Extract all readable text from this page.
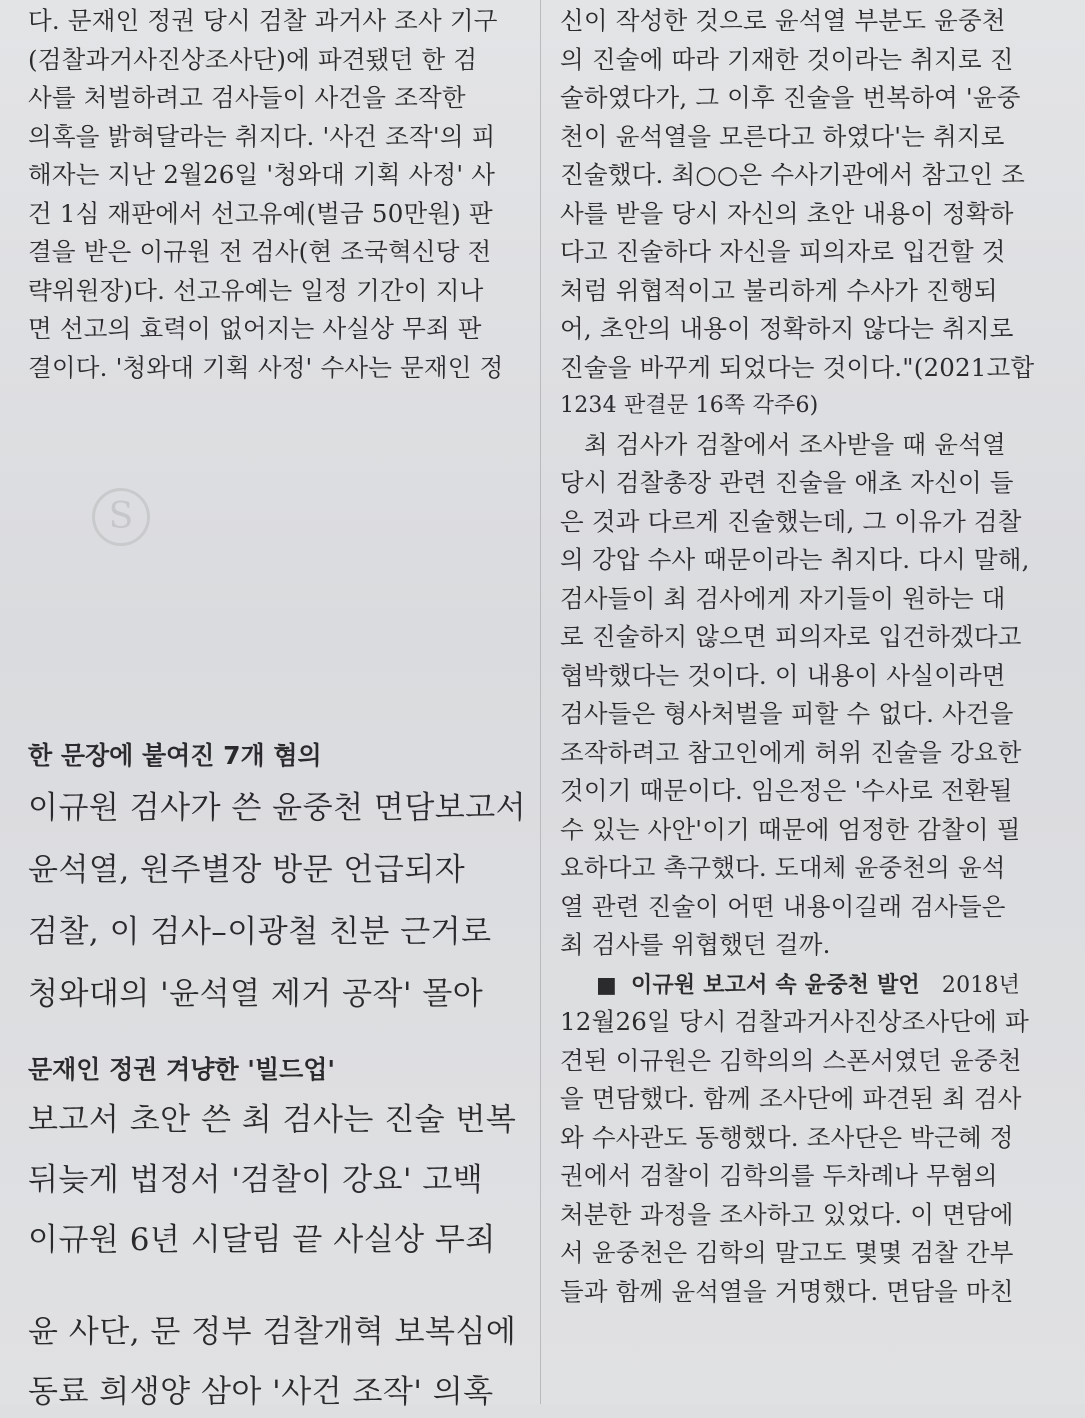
S
다. 문재인 정권 당시 검찰 과거사 조사 기구
(검찰과거사진상조사단)에 파견됐던 한 검
사를 처벌하려고 검사들이 사건을 조작한
의혹을 밝혀달라는 취지다. '사건 조작'의 피
해자는 지난 2월26일 '청와대 기획 사정' 사
건 1심 재판에서 선고유예(벌금 50만원) 판
결을 받은 이규원 전 검사(현 조국혁신당 전
략위원장)다. 선고유예는 일정 기간이 지나
면 선고의 효력이 없어지는 사실상 무죄 판
결이다. '청와대 기획 사정' 수사는 문재인 정
한 문장에 붙여진 7개 혐의
이규원 검사가 쓴 윤중천 면담보고서
윤석열, 원주별장 방문 언급되자
검찰, 이 검사–이광철 친분 근거로
청와대의 '윤석열 제거 공작' 몰아
문재인 정권 겨냥한 '빌드업'
보고서 초안 쓴 최 검사는 진술 번복
뒤늦게 법정서 '검찰이 강요' 고백
이규원 6년 시달림 끝 사실상 무죄
윤 사단, 문 정부 검찰개혁 보복심에
동료 희생양 삼아 '사건 조작' 의혹
신이 작성한 것으로 윤석열 부분도 윤중천
의 진술에 따라 기재한 것이라는 취지로 진
술하였다가, 그 이후 진술을 번복하여 '윤중
천이 윤석열을 모른다고 하였다'는 취지로
진술했다. 최○○은 수사기관에서 참고인 조
사를 받을 당시 자신의 초안 내용이 정확하
다고 진술하다 자신을 피의자로 입건할 것
처럼 위협적이고 불리하게 수사가 진행되
어, 초안의 내용이 정확하지 않다는 취지로
진술을 바꾸게 되었다는 것이다."(2021고합
1234 판결문 16쪽 각주6)
최 검사가 검찰에서 조사받을 때 윤석열
당시 검찰총장 관련 진술을 애초 자신이 들
은 것과 다르게 진술했는데, 그 이유가 검찰
의 강압 수사 때문이라는 취지다. 다시 말해,
검사들이 최 검사에게 자기들이 원하는 대
로 진술하지 않으면 피의자로 입건하겠다고
협박했다는 것이다. 이 내용이 사실이라면
검사들은 형사처벌을 피할 수 없다. 사건을
조작하려고 참고인에게 허위 진술을 강요한
것이기 때문이다. 임은정은 '수사로 전환될
수 있는 사안'이기 때문에 엄정한 감찰이 필
요하다고 촉구했다. 도대체 윤중천의 윤석
열 관련 진술이 어떤 내용이길래 검사들은
최 검사를 위협했던 걸까.
■ 이규원 보고서 속 윤중천 발언 2018년
12월26일 당시 검찰과거사진상조사단에 파
견된 이규원은 김학의의 스폰서였던 윤중천
을 면담했다. 함께 조사단에 파견된 최 검사
와 수사관도 동행했다. 조사단은 박근혜 정
권에서 검찰이 김학의를 두차례나 무혐의
처분한 과정을 조사하고 있었다. 이 면담에
서 윤중천은 김학의 말고도 몇몇 검찰 간부
들과 함께 윤석열을 거명했다. 면담을 마친
